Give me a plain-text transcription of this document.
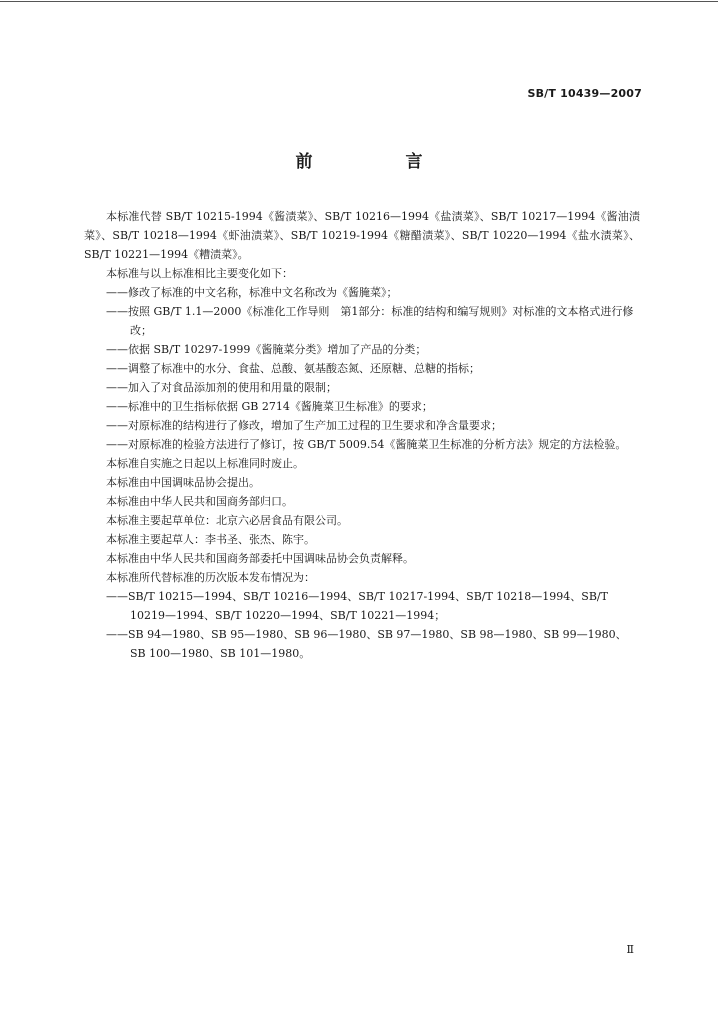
SB/T 10439—2007
前　言

本标准代替 SB/T 10215-1994《酱渍菜》、SB/T 10216—1994《盐渍菜》、SB/T 10217—1994《酱油渍菜》、SB/T 10218—1994《虾油渍菜》、SB/T 10219-1994《糖醋渍菜》、SB/T 10220—1994《盐水渍菜》、SB/T 10221—1994《糟渍菜》。

本标准与以上标准相比主要变化如下：

——修改了标准的中文名称，标准中文名称改为《酱腌菜》；

——按照 GB/T 1.1—2000《标准化工作导则　第1部分：标准的结构和编写规则》对标准的文本格式进行修改；

——依据 SB/T 10297-1999《酱腌菜分类》增加了产品的分类；

——调整了标准中的水分、食盐、总酸、氨基酸态氮、还原糖、总糖的指标；

——加入了对食品添加剂的使用和用量的限制；

——标准中的卫生指标依据 GB 2714《酱腌菜卫生标准》的要求；

——对原标准的结构进行了修改，增加了生产加工过程的卫生要求和净含量要求；

——对原标准的检验方法进行了修订，按 GB/T 5009.54《酱腌菜卫生标准的分析方法》规定的方法检验。

本标准自实施之日起以上标准同时废止。

本标准由中国调味品协会提出。

本标准由中华人民共和国商务部归口。

本标准主要起草单位：北京六必居食品有限公司。

本标准主要起草人：李书圣、张杰、陈宇。

本标准由中华人民共和国商务部委托中国调味品协会负责解释。

本标准所代替标准的历次版本发布情况为：

——SB/T 10215—1994、SB/T 10216—1994、SB/T 10217-1994、SB/T 10218—1994、SB/T 10219—1994、SB/T 10220—1994、SB/T 10221—1994；

——SB 94—1980、SB 95—1980、SB 96—1980、SB 97—1980、SB 98—1980、SB 99—1980、SB 100—1980、SB 101—1980。

Ⅱ
